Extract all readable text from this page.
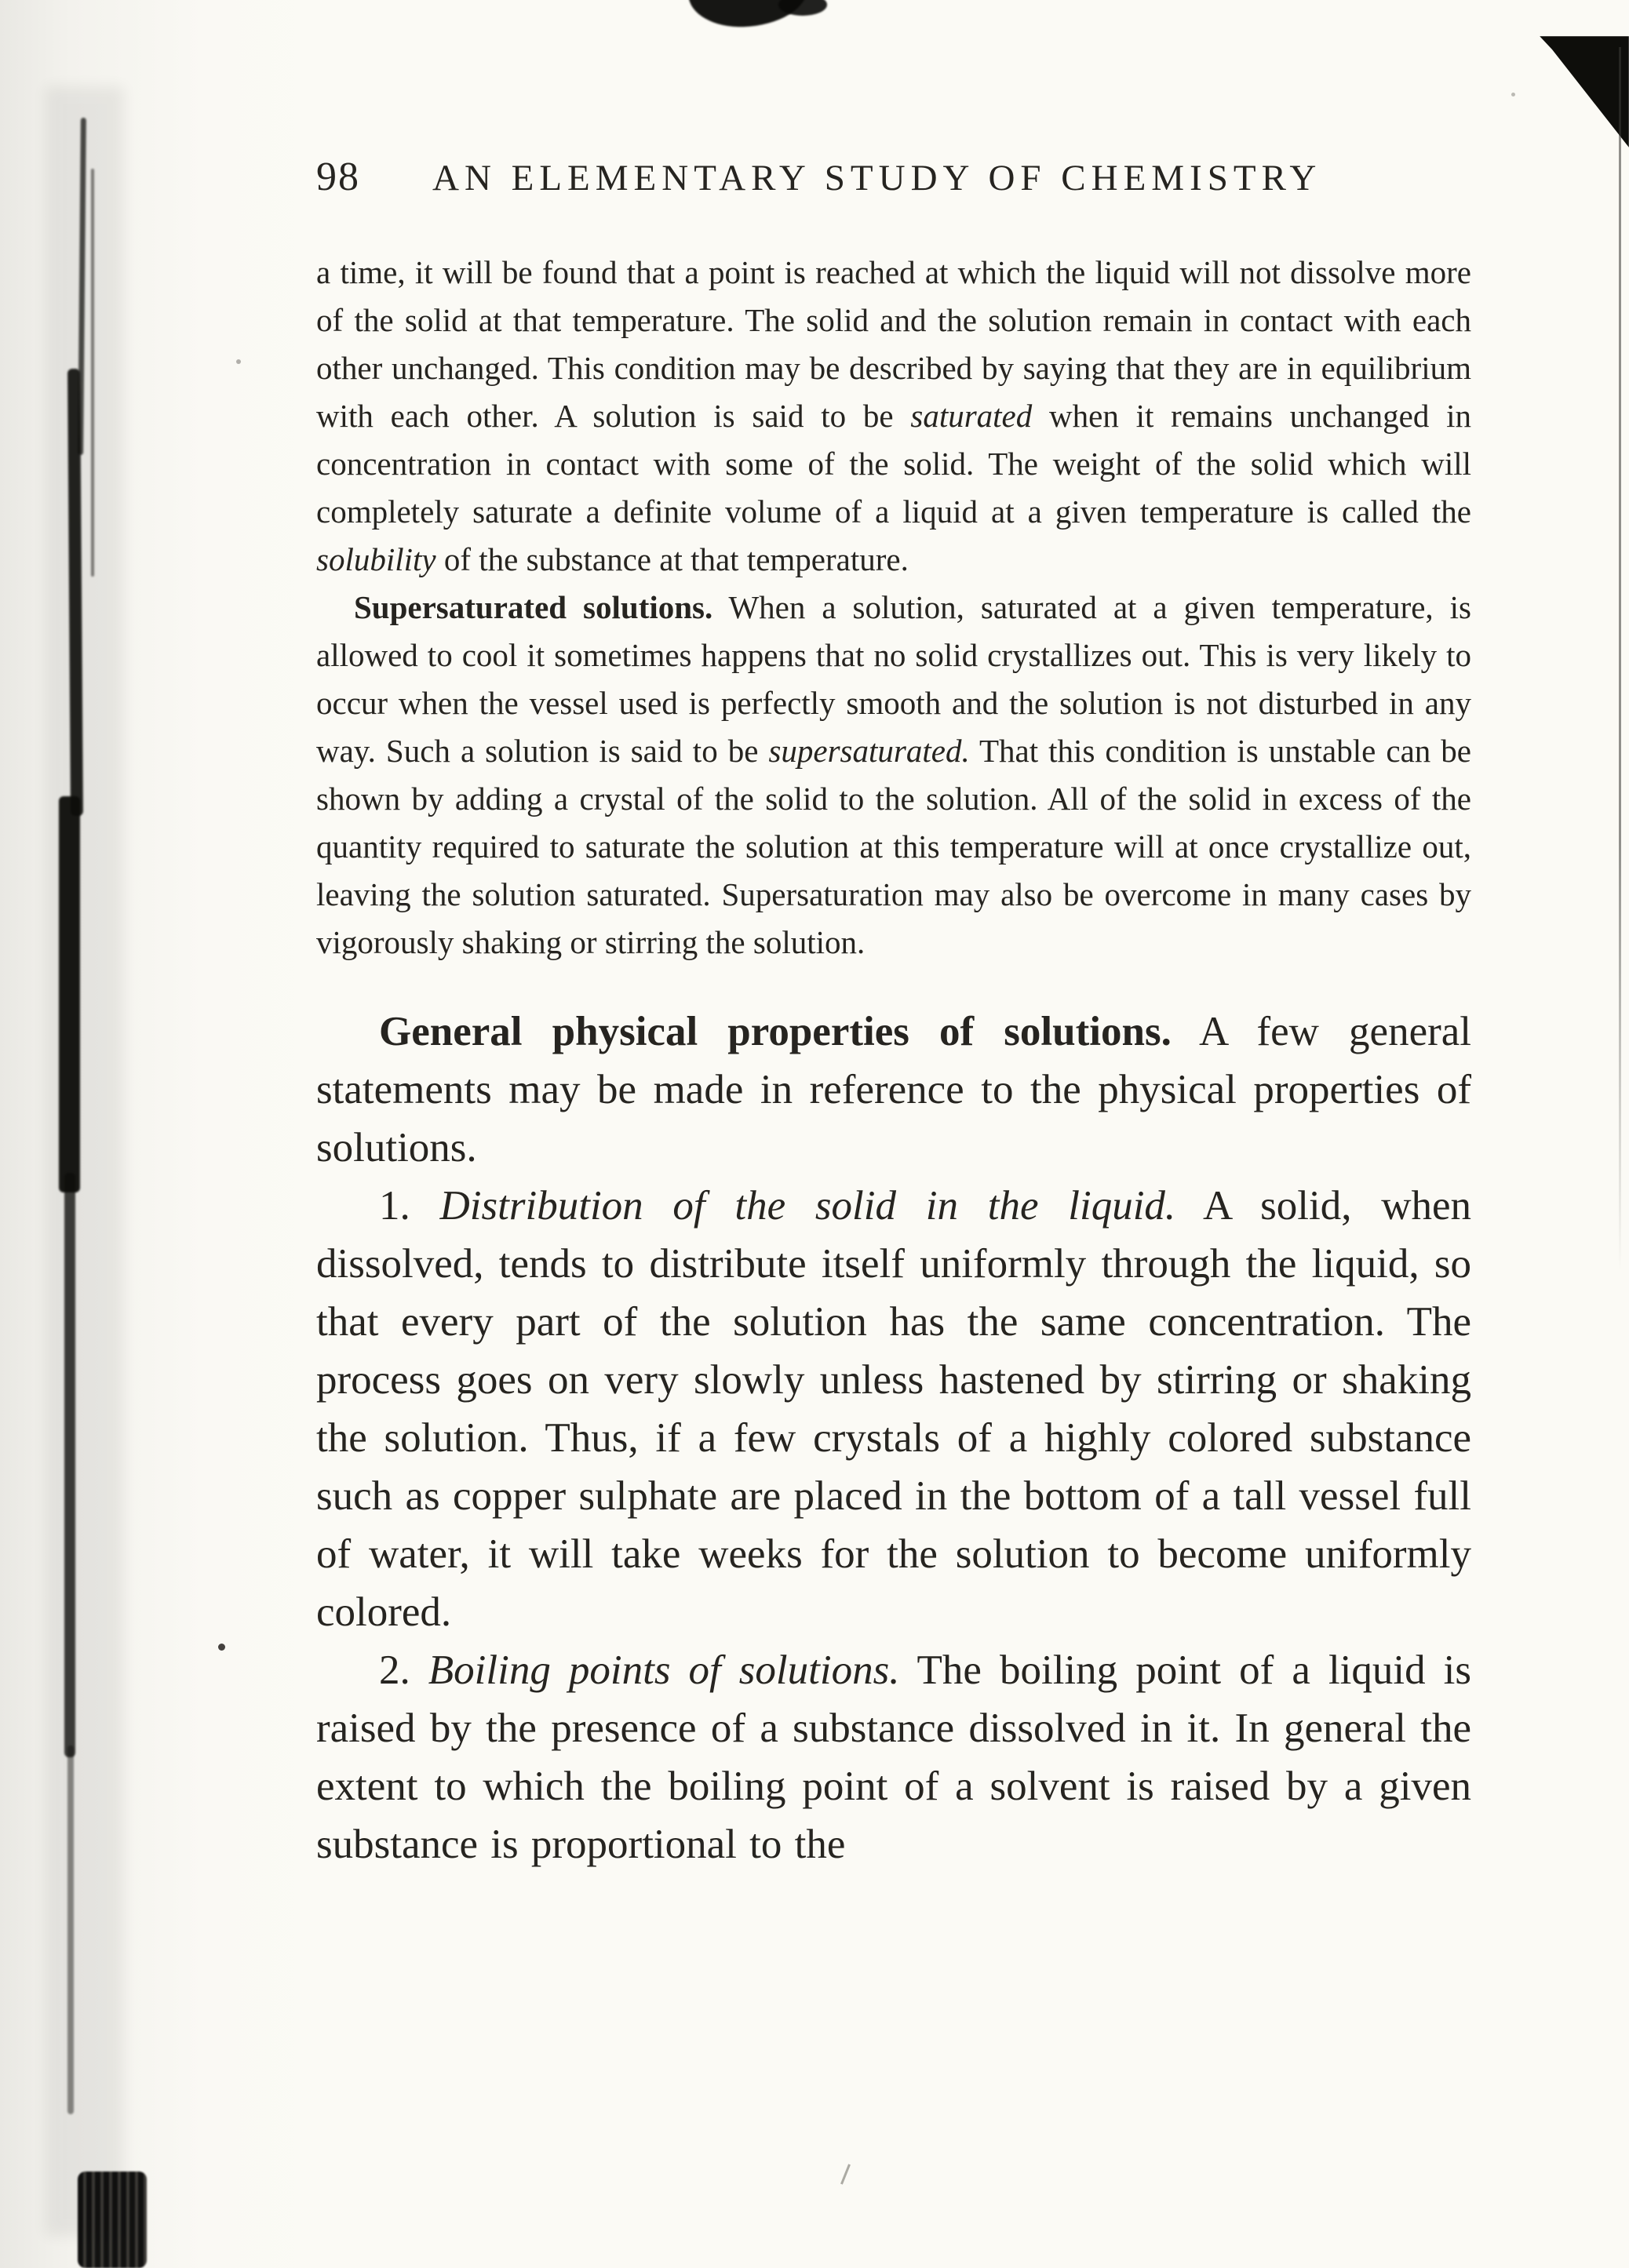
98 AN ELEMENTARY STUDY OF CHEMISTRY

a time, it will be found that a point is reached at which the liquid will not dissolve more of the solid at that temperature. The solid and the solution remain in contact with each other unchanged. This condition may be described by saying that they are in equilibrium with each other. A solution is said to be saturated when it remains unchanged in concentration in contact with some of the solid. The weight of the solid which will completely saturate a definite volume of a liquid at a given temperature is called the solubility of the substance at that temperature.

Supersaturated solutions. When a solution, saturated at a given temperature, is allowed to cool it sometimes happens that no solid crystallizes out. This is very likely to occur when the vessel used is perfectly smooth and the solution is not disturbed in any way. Such a solution is said to be supersaturated. That this condition is unstable can be shown by adding a crystal of the solid to the solution. All of the solid in excess of the quantity required to saturate the solution at this temperature will at once crystallize out, leaving the solution saturated. Supersaturation may also be overcome in many cases by vigorously shaking or stirring the solution.

General physical properties of solutions. A few general statements may be made in reference to the physical properties of solutions.

1. Distribution of the solid in the liquid. A solid, when dissolved, tends to distribute itself uniformly through the liquid, so that every part of the solution has the same concentration. The process goes on very slowly unless hastened by stirring or shaking the solution. Thus, if a few crystals of a highly colored substance such as copper sulphate are placed in the bottom of a tall vessel full of water, it will take weeks for the solution to become uniformly colored.

2. Boiling points of solutions. The boiling point of a liquid is raised by the presence of a substance dissolved in it. In general the extent to which the boiling point of a solvent is raised by a given substance is proportional to the
